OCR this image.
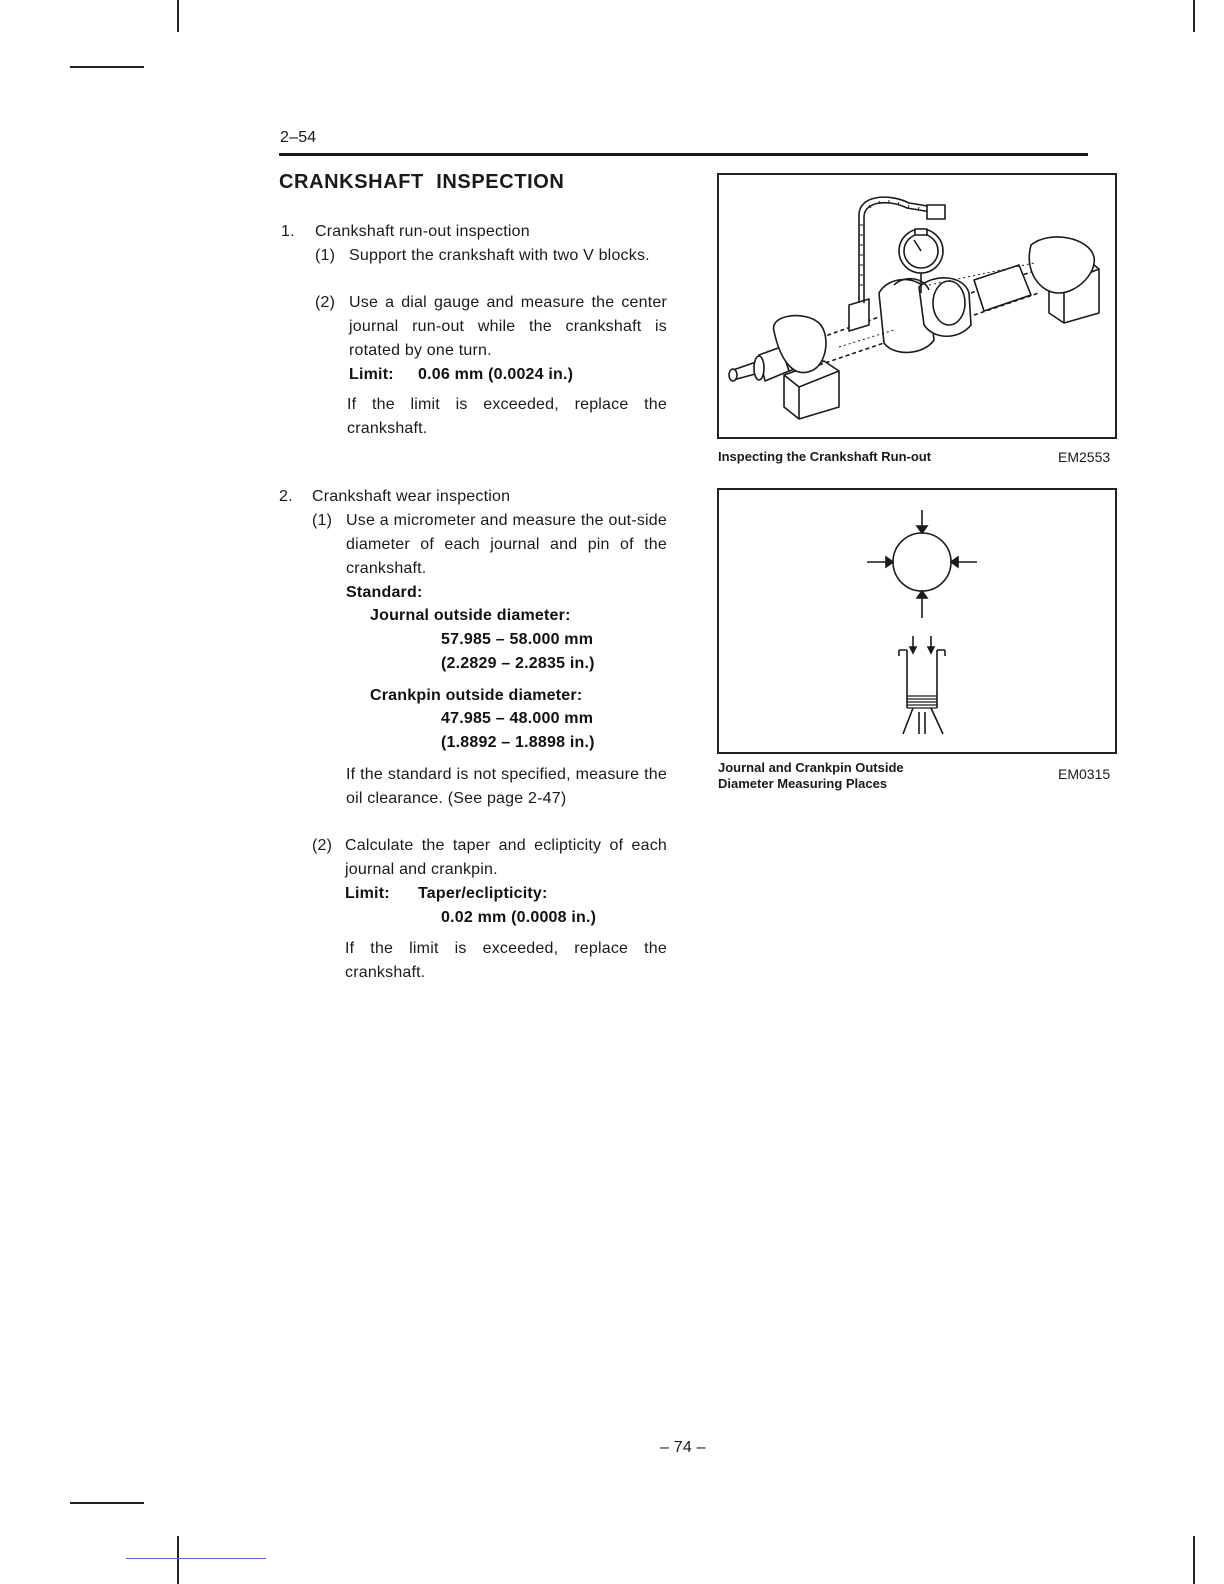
2–54
CRANKSHAFT  INSPECTION
1. Crankshaft run-out inspection
(1) Support the crankshaft with two V blocks.
(2) Use a dial gauge and measure the center journal run-out while the crankshaft is rotated by one turn.
Limit: 0.06 mm (0.0024 in.)
If the limit is exceeded, replace the crankshaft.
2. Crankshaft wear inspection
(1) Use a micrometer and measure the out-side diameter of each journal and pin of the crankshaft.
Standard:
Journal outside diameter:
57.985 – 58.000 mm
(2.2829 – 2.2835 in.)
Crankpin outside diameter:
47.985 – 48.000 mm
(1.8892 – 1.8898 in.)
If the standard is not specified, measure the oil clearance. (See page 2-47)
(2) Calculate the taper and eclipticity of each journal and crankpin.
Limit: Taper/eclipticity:
0.02 mm (0.0008 in.)
If the limit is exceeded, replace the crankshaft.
Inspecting the Crankshaft Run-out	EM2553
Journal and Crankpin Outside
Diameter Measuring Places
EM0315
– 74 –
